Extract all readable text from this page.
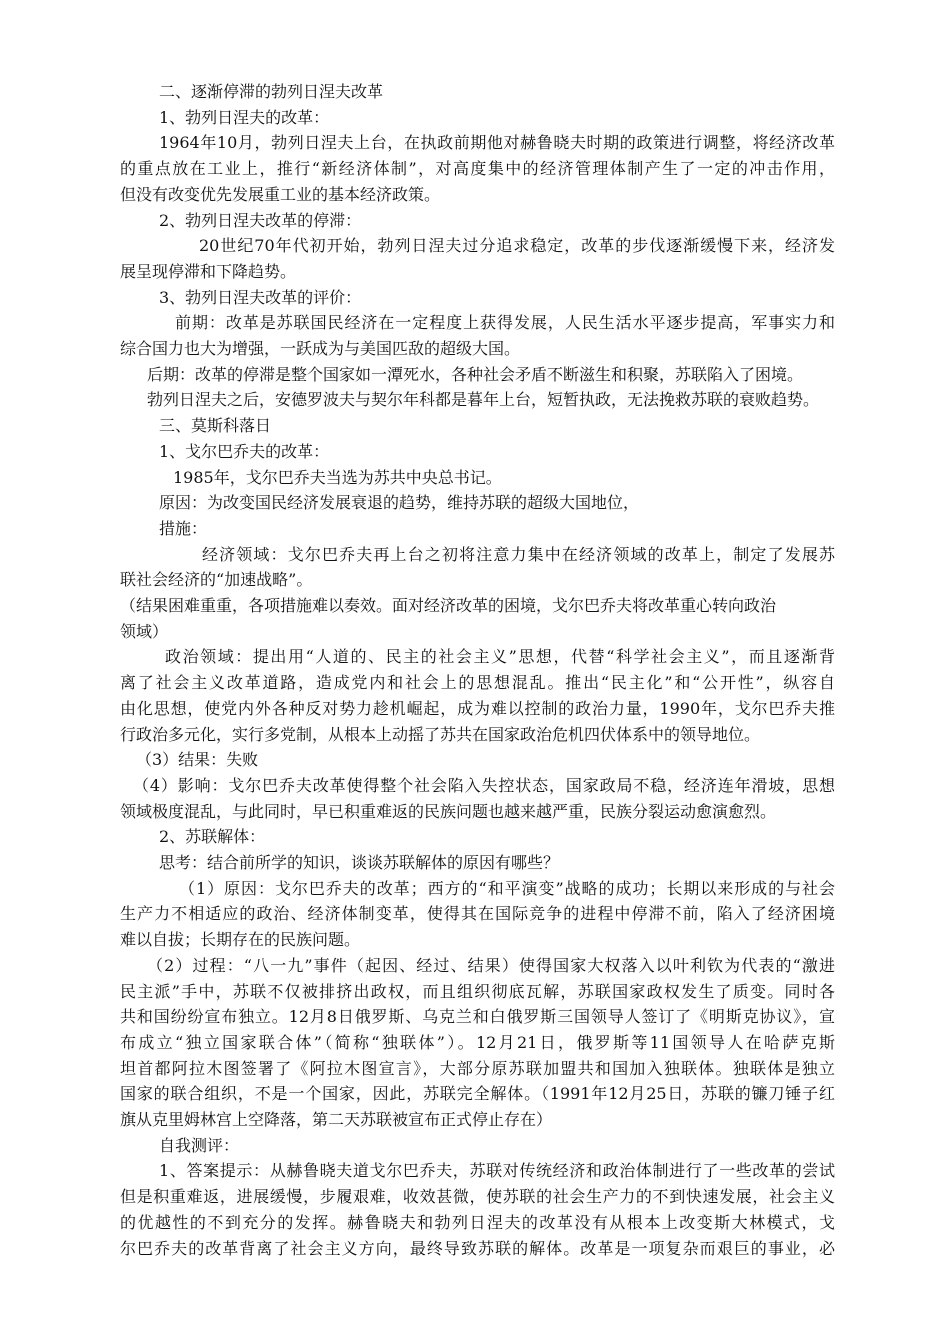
二、逐渐停滞的勃列日涅夫改革
1、勃列日涅夫的改革：
1964年10月，勃列日涅夫上台，在执政前期他对赫鲁晓夫时期的政策进行调整，将经济改革
的重点放在工业上，推行“新经济体制”，对高度集中的经济管理体制产生了一定的冲击作用，
但没有改变优先发展重工业的基本经济政策。
2、勃列日涅夫改革的停滞：
20世纪70年代初开始，勃列日涅夫过分追求稳定，改革的步伐逐渐缓慢下来，经济发
展呈现停滞和下降趋势。
3、勃列日涅夫改革的评价：
前期：改革是苏联国民经济在一定程度上获得发展，人民生活水平逐步提高，军事实力和
综合国力也大为增强，一跃成为与美国匹敌的超级大国。
后期：改革的停滞是整个国家如一潭死水，各种社会矛盾不断滋生和积聚，苏联陷入了困境。
勃列日涅夫之后，安德罗波夫与契尔年科都是暮年上台，短暂执政，无法挽救苏联的衰败趋势。
三、莫斯科落日
1、戈尔巴乔夫的改革：
1985年，戈尔巴乔夫当选为苏共中央总书记。
原因：为改变国民经济发展衰退的趋势，维持苏联的超级大国地位，
措施：
经济领域：戈尔巴乔夫再上台之初将注意力集中在经济领域的改革上，制定了发展苏
联社会经济的“加速战略”。
（结果困难重重，各项措施难以奏效。面对经济改革的困境，戈尔巴乔夫将改革重心转向政治
领域）
政治领域：提出用“人道的、民主的社会主义”思想，代替“科学社会主义”，而且逐渐背
离了社会主义改革道路，造成党内和社会上的思想混乱。推出“民主化”和“公开性”，纵容自
由化思想，使党内外各种反对势力趁机崛起，成为难以控制的政治力量，1990年，戈尔巴乔夫推
行政治多元化，实行多党制，从根本上动摇了苏共在国家政治危机四伏体系中的领导地位。
（3）结果：失败
（4）影响：戈尔巴乔夫改革使得整个社会陷入失控状态，国家政局不稳，经济连年滑坡，思想
领域极度混乱，与此同时，早已积重难返的民族问题也越来越严重，民族分裂运动愈演愈烈。
2、苏联解体：
思考：结合前所学的知识，谈谈苏联解体的原因有哪些？
（1）原因：戈尔巴乔夫的改革；西方的“和平演变”战略的成功；长期以来形成的与社会
生产力不相适应的政治、经济体制变革，使得其在国际竞争的进程中停滞不前，陷入了经济困境
难以自拔；长期存在的民族问题。
（2）过程：“八一九”事件（起因、经过、结果）使得国家大权落入以叶利钦为代表的“激进
民主派”手中，苏联不仅被排挤出政权，而且组织彻底瓦解，苏联国家政权发生了质变。同时各
共和国纷纷宣布独立。12月8日俄罗斯、乌克兰和白俄罗斯三国领导人签订了《明斯克协议》，宣
布成立“独立国家联合体”（简称“独联体”）。12月21日，俄罗斯等11国领导人在哈萨克斯
坦首都阿拉木图签署了《阿拉木图宣言》，大部分原苏联加盟共和国加入独联体。独联体是独立
国家的联合组织，不是一个国家，因此，苏联完全解体。（1991年12月25日，苏联的镰刀锤子红
旗从克里姆林宫上空降落，第二天苏联被宣布正式停止存在）
自我测评：
1、答案提示：从赫鲁晓夫道戈尔巴乔夫，苏联对传统经济和政治体制进行了一些改革的尝试
但是积重难返，进展缓慢，步履艰难，收效甚微，使苏联的社会生产力的不到快速发展，社会主义
的优越性的不到充分的发挥。赫鲁晓夫和勃列日涅夫的改革没有从根本上改变斯大林模式，戈
尔巴乔夫的改革背离了社会主义方向，最终导致苏联的解体。改革是一项复杂而艰巨的事业，必
